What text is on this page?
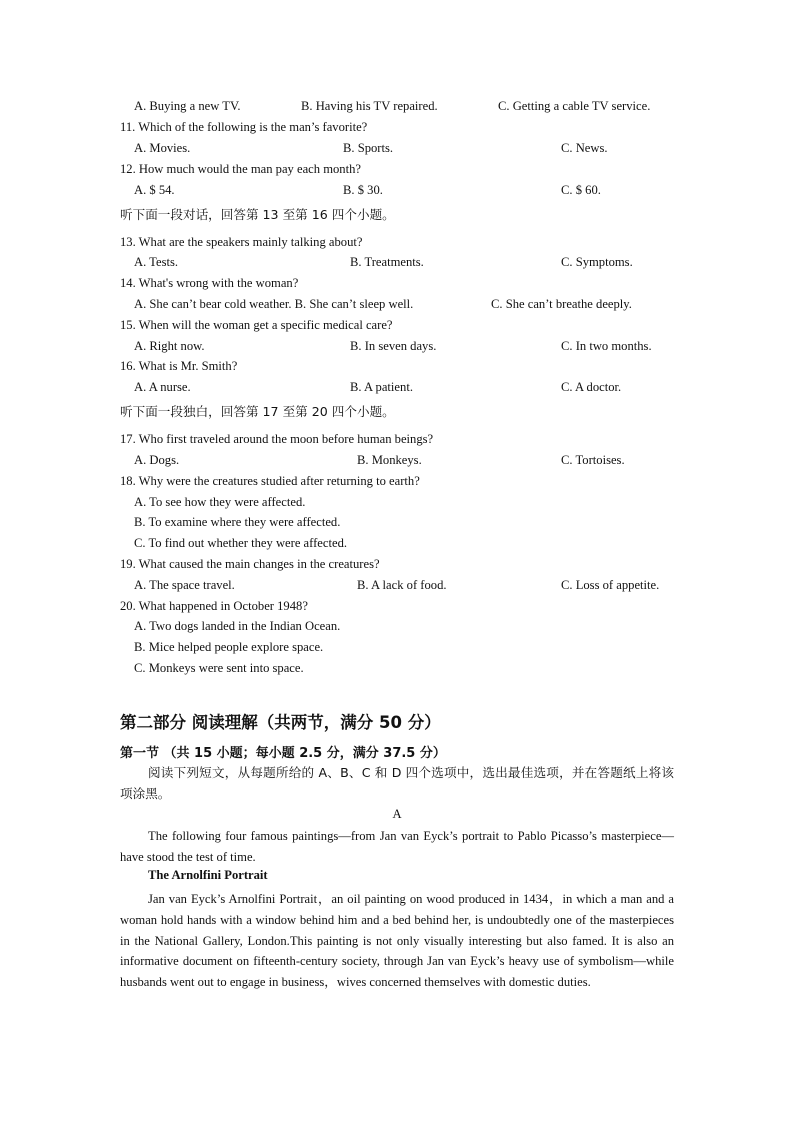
A. Buying a new TV.	B. Having his TV repaired.	C. Getting a cable TV service.
11. Which of the following is the man’s favorite?
A. Movies.	B. Sports.	C. News.
12. How much would the man pay each month?
A. $ 54.	B. $ 30.	C. $ 60.
听下面一段对话，回答第 13 至第 16 四个小题。
13. What are the speakers mainly talking about?
A. Tests.	B. Treatments.	C. Symptoms.
14. What's wrong with the woman?
A. She can’t bear cold weather. B. She can’t sleep well.	C. She can’t breathe deeply.
15. When will the woman get a specific medical care?
A. Right now.	B. In seven days.	C. In two months.
16. What is Mr. Smith?
A. A nurse.	B. A patient.	C. A doctor.
听下面一段独白，回答第 17 至第 20 四个小题。
17. Who first traveled around the moon before human beings?
A. Dogs.	B. Monkeys.	C. Tortoises.
18. Why were the creatures studied after returning to earth?
A. To see how they were affected.
B. To examine where they were affected.
C. To find out whether they were affected.
19. What caused the main changes in the creatures?
A. The space travel.	B. A lack of food.	C. Loss of appetite.
20. What happened in October 1948?
A. Two dogs landed in the Indian Ocean.
B. Mice helped people explore space.
C. Monkeys were sent into space.
第二部分 阅读理解（共两节，满分 50 分）
第一节 （共 15 小题；每小题 2.5 分，满分 37.5 分）
阅读下列短文，从每题所给的 A、B、C 和 D 四个选项中，选出最佳选项，并在答题纸上将该项涂黑。
A
The following four famous paintings—from Jan van Eyck’s portrait to Pablo Picasso’s masterpiece—have stood the test of time.
The Arnolfini Portrait
Jan van Eyck’s Arnolfini Portrait，an oil painting on wood produced in 1434，in which a man and a woman hold hands with a window behind him and a bed behind her, is undoubtedly one of the masterpieces in the National Gallery, London.This painting is not only visually interesting but also famed. It is also an informative document on fifteenth-century society, through Jan van Eyck’s heavy use of symbolism—while husbands went out to engage in business，wives concerned themselves with domestic duties.
